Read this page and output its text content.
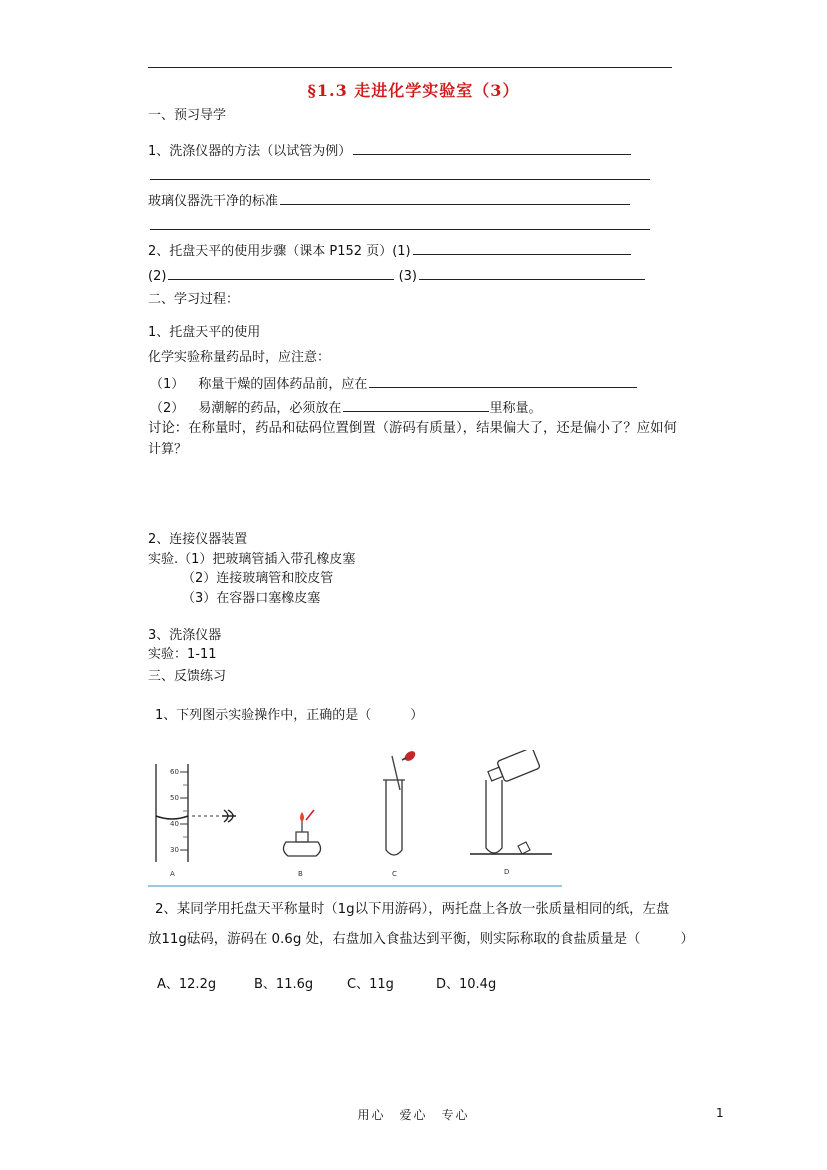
§1.3 走进化学实验室（3）
一、预习导学
1、洗涤仪器的方法（以试管为例）
玻璃仪器洗干净的标准
2、托盘天平的使用步骤（课本 P152 页）(1)
(2)	(3)
二、学习过程：
1、托盘天平的使用
化学实验称量药品时，应注意：
（1） 称量干燥的固体药品前，应在
（2） 易潮解的药品，必须放在	里称量。
讨论：在称量时，药品和砝码位置倒置（游码有质量），结果偏大了，还是偏小了？应如何
计算？
2、连接仪器装置
实验.（1）把玻璃管插入带孔橡皮塞
（2）连接玻璃管和胶皮管
（3）在容器口塞橡皮塞
3、洗涤仪器
实验：1-11
三、反馈练习
1、下列图示实验操作中，正确的是（　　　）
60
50
40
30
A	B	C	D
2、某同学用托盘天平称量时（1g以下用游码），两托盘上各放一张质量相同的纸，左盘
放11g砝码，游码在 0.6g 处，右盘加入食盐达到平衡，则实际称取的食盐质量是（　　　）
A、12.2g	B、11.6g	C、11g	D、10.4g
用心　爱心　专心	1
